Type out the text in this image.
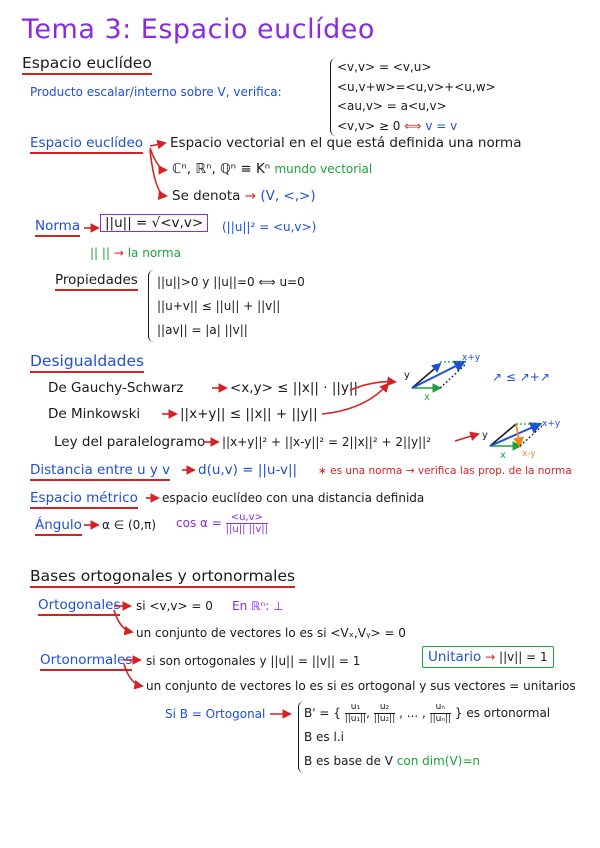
Tema 3: Espacio euclídeo
Espacio euclídeo
Producto escalar/interno sobre V, verifica:
<v,v> = <v,u>
<u,v+w>=<u,v>+<u,w>
<au,v> = a<u,v>
<v,v> ≥ 0 ⟺ v = v
Espacio euclídeo Espacio vectorial en el que está definida una norma
ℂⁿ, ℝⁿ, ℚⁿ ≡ Kⁿ mundo vectorial
Se denota → (V, <,>)
Norma	||u|| = √<v,v>	(||u||² = <u,v>)
|| || → la norma
Propiedades ||u||>0 y ||u||=0 ⟺ u=0
||u+v|| ≤ ||u|| + ||v||
||av|| = |a| ||v||
Desigualdades
De Gauchy-Schwarz	<x,y> ≤ ||x|| · ||y||
De Minkowski	||x+y|| ≤ ||x|| + ||y||
Ley del paralelogramo ||x+y||² + ||x-y||² = 2||x||² + 2||y||²
↗ ≤ ↗+↗
Distancia entre u y v d(u,v) = ||u-v|| ∗ es una norma → verifica las prop. de la norma
Espacio métrico espacio euclídeo con una distancia definida
Ángulo α ∈ (0,π) $\cos \alpha = \frac{<u,v>}{||u|| ||v||}$
Bases ortogonales y ortonormales
Ortogonales si <v,v> = 0 En ℝⁿ: ⊥
un conjunto de vectores lo es si <Vₓ,Vᵧ> = 0
Ortonormales si son ortogonales y ||u|| = ||v|| = 1	Unitario → ||v|| = 1
un conjunto de vectores lo es si es ortogonal y sus vectores = unitarios
Si B = Ortogonal	B' = { $\frac{\text{u₁}}{\text{||u₁||}}$ , $\frac{\text{u₂}}{\text{||u₂||}}$ , ... , $\frac{\text{uₙ}}{\text{||uₙ||}}$ } es ortonormal
B es l.i
B es base de V con dim(V)=n
y
x
x+y
y
x
x+y
x-y
